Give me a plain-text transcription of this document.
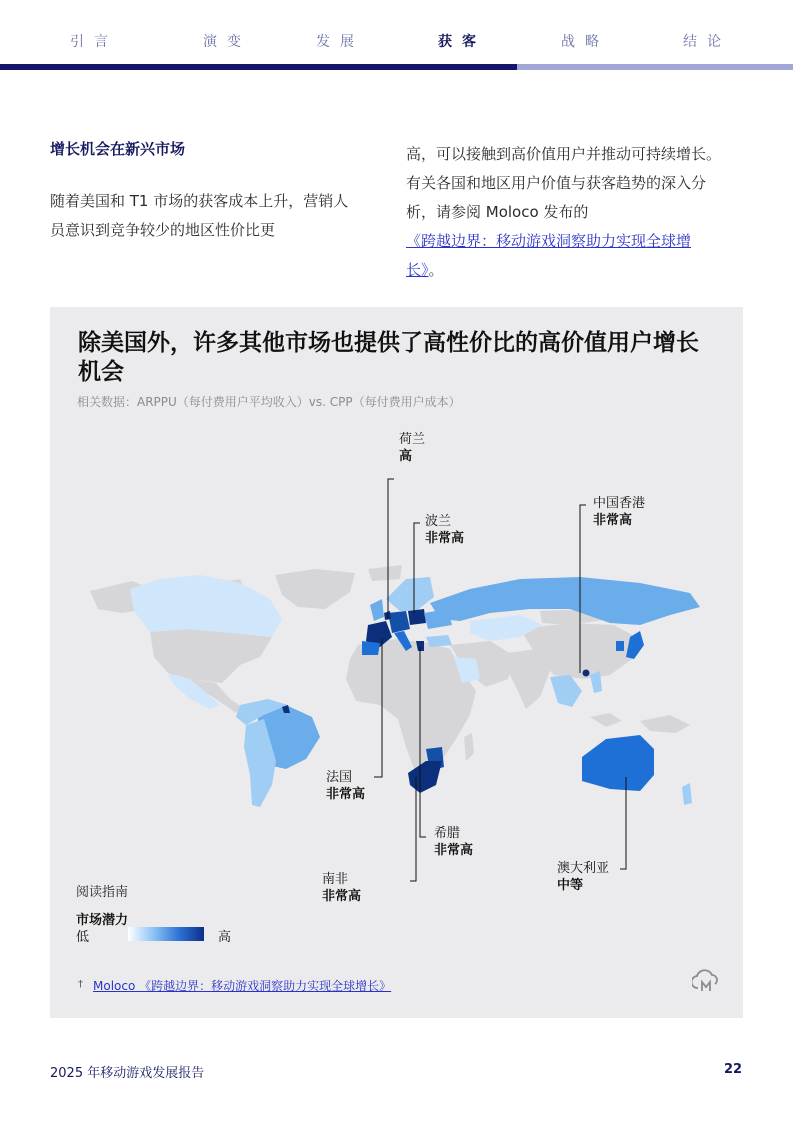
引言	演变	发展	获客	战略	结论
增长机会在新兴市场
随着美国和 T1 市场的获客成本上升，营销人员意识到竞争较少的地区性价比更
高，可以接触到高价值用户并推动可持续增长。有关各国和地区用户价值与获客趋势的深入分析，请参阅 Moloco 发布的
《跨越边界：移动游戏洞察助力实现全球增长》。
除美国外，许多其他市场也提供了高性价比的高价值用户增长机会
相关数据：ARPPU（每付费用户平均收入）vs. CPP（每付费用户成本）
荷兰
高
波兰
非常高
中国香港
非常高
法国
非常高
希腊
非常高
南非
非常高
澳大利亚
中等
阅读指南
市场潜力
低	高
† Moloco 《跨越边界：移动游戏洞察助力实现全球增长》
2025 年移动游戏发展报告	22
